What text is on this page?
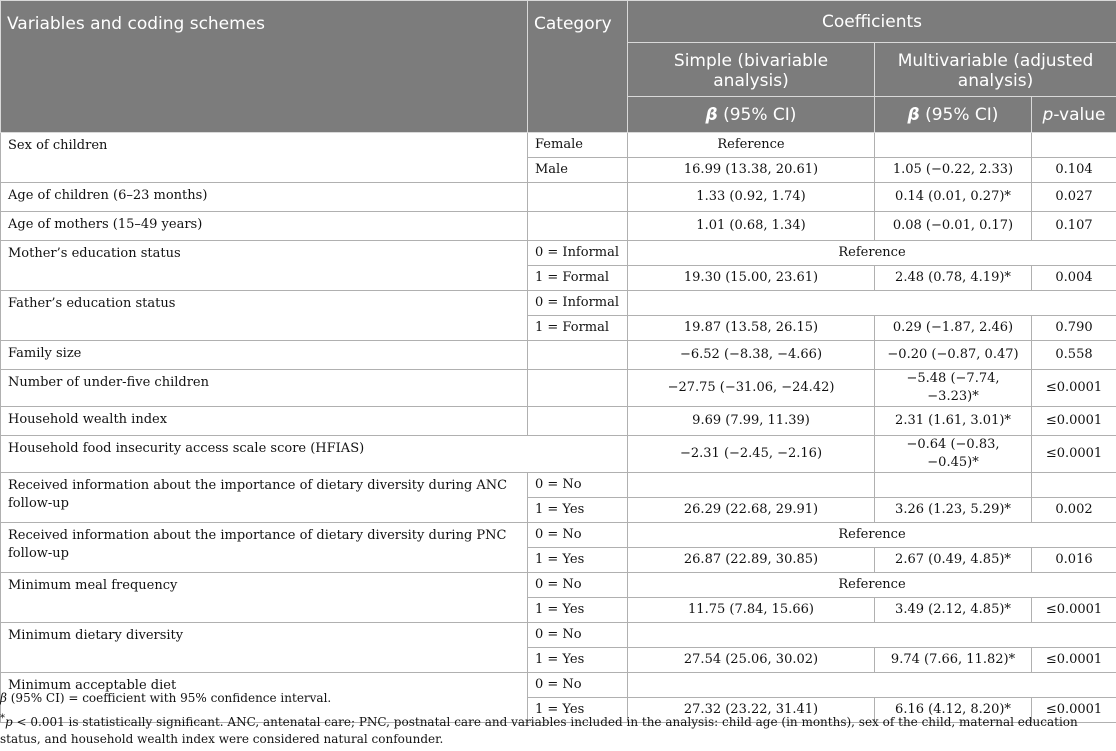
Variables and coding schemes	Category	Coefficients		
		Simple (bivariable analysis)	Multivariable (adjusted analysis)	
		β (95% CI)	β (95% CI)	p-value
Sex of children	Female	Reference		
	Male	16.99 (13.38, 20.61)	1.05 (−0.22, 2.33)	0.104
Age of children (6–23 months)		1.33 (0.92, 1.74)	0.14 (0.01, 0.27)*	0.027
Age of mothers (15–49 years)		1.01 (0.68, 1.34)	0.08 (−0.01, 0.17)	0.107
Mother’s education status	0 = Informal	Reference		
	1 = Formal	19.30 (15.00, 23.61)	2.48 (0.78, 4.19)*	0.004
Father’s education status	0 = Informal			
	1 = Formal	19.87 (13.58, 26.15)	0.29 (−1.87, 2.46)	0.790
Family size		−6.52 (−8.38, −4.66)	−0.20 (−0.87, 0.47)	0.558
Number of under-five children		−27.75 (−31.06, −24.42)	−5.48 (−7.74, −3.23)*	≤0.0001
Household wealth index		9.69 (7.99, 11.39)	2.31 (1.61, 3.01)*	≤0.0001
Household food insecurity access scale score (HFIAS)		−2.31 (−2.45, −2.16)	−0.64 (−0.83, −0.45)*	≤0.0001
Received information about the importance of dietary diversity during ANC follow-up	0 = No			
	1 = Yes	26.29 (22.68, 29.91)	3.26 (1.23, 5.29)*	0.002
Received information about the importance of dietary diversity during PNC follow-up	0 = No	Reference		
	1 = Yes	26.87 (22.89, 30.85)	2.67 (0.49, 4.85)*	0.016
Minimum meal frequency	0 = No	Reference		
	1 = Yes	11.75 (7.84, 15.66)	3.49 (2.12, 4.85)*	≤0.0001
Minimum dietary diversity	0 = No			
	1 = Yes	27.54 (25.06, 30.02)	9.74 (7.66, 11.82)*	≤0.0001
Minimum acceptable diet	0 = No			
	1 = Yes	27.32 (23.22, 31.41)	6.16 (4.12, 8.20)*	≤0.0001

β (95% CI) = coefficient with 95% confidence interval.

*p < 0.001 is statistically significant. ANC, antenatal care; PNC, postnatal care and variables included in the analysis: child age (in months), sex of the child, maternal education status, and household wealth index were considered natural confounder.
